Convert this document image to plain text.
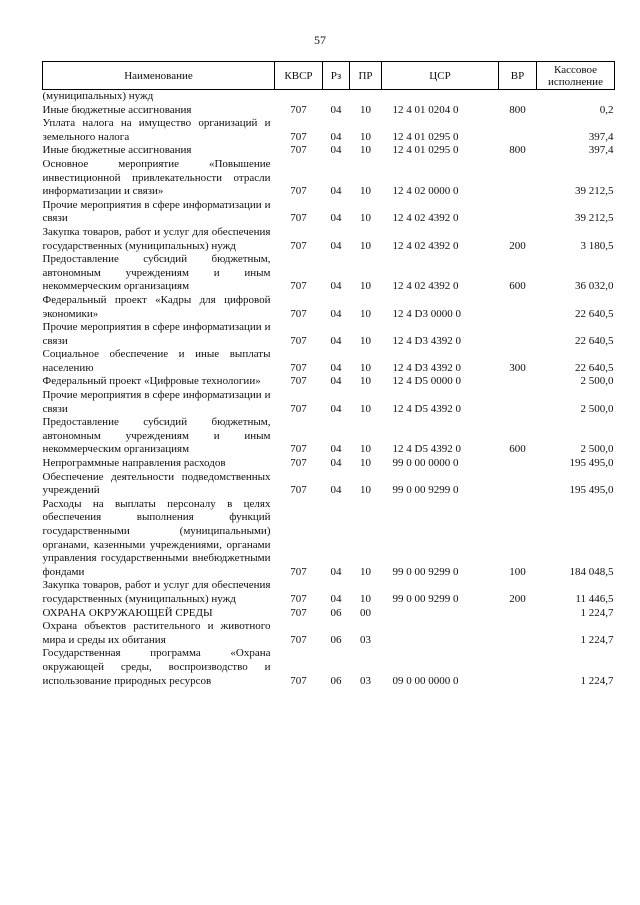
57
Наименование	КВСР	Рз	ПР	ЦСР	ВР	Кассовое исполнение
(муниципальных) нужд						
Иные бюджетные ассигнования	707	04	10	12 4 01 0204 0	800	0,2
Уплата налога на имущество организаций и земельного налога	707	04	10	12 4 01 0295 0		397,4
Иные бюджетные ассигнования	707	04	10	12 4 01 0295 0	800	397,4
Основное мероприятие «Повышение инвестиционной привлекательности отрасли информатизации и связи»	707	04	10	12 4 02 0000 0		39 212,5
Прочие мероприятия в сфере информатизации и связи	707	04	10	12 4 02 4392 0		39 212,5
Закупка товаров, работ и услуг для обеспечения государственных (муниципальных) нужд	707	04	10	12 4 02 4392 0	200	3 180,5
Предоставление субсидий бюджетным, автономным учреждениям и иным некоммерческим организациям	707	04	10	12 4 02 4392 0	600	36 032,0
Федеральный проект «Кадры для цифровой экономики»	707	04	10	12 4 D3 0000 0		22 640,5
Прочие мероприятия в сфере информатизации и связи	707	04	10	12 4 D3 4392 0		22 640,5
Социальное обеспечение и иные выплаты населению	707	04	10	12 4 D3 4392 0	300	22 640,5
Федеральный проект «Цифровые технологии»	707	04	10	12 4 D5 0000 0		2 500,0
Прочие мероприятия в сфере информатизации и связи	707	04	10	12 4 D5 4392 0		2 500,0
Предоставление субсидий бюджетным, автономным учреждениям и иным некоммерческим организациям	707	04	10	12 4 D5 4392 0	600	2 500,0
Непрограммные направления расходов	707	04	10	99 0 00 0000 0		195 495,0
Обеспечение деятельности подведомственных учреждений	707	04	10	99 0 00 9299 0		195 495,0
Расходы на выплаты персоналу в целях обеспечения выполнения функций государственными (муниципальными) органами, казенными учреждениями, органами управления государственными внебюджетными фондами	707	04	10	99 0 00 9299 0	100	184 048,5
Закупка товаров, работ и услуг для обеспечения государственных (муниципальных) нужд	707	04	10	99 0 00 9299 0	200	11 446,5
ОХРАНА ОКРУЖАЮЩЕЙ СРЕДЫ	707	06	00			1 224,7
Охрана объектов растительного и животного мира и среды их обитания	707	06	03			1 224,7
Государственная программа «Охрана окружающей среды, воспроизводство и использование природных ресурсов	707	06	03	09 0 00 0000 0		1 224,7
